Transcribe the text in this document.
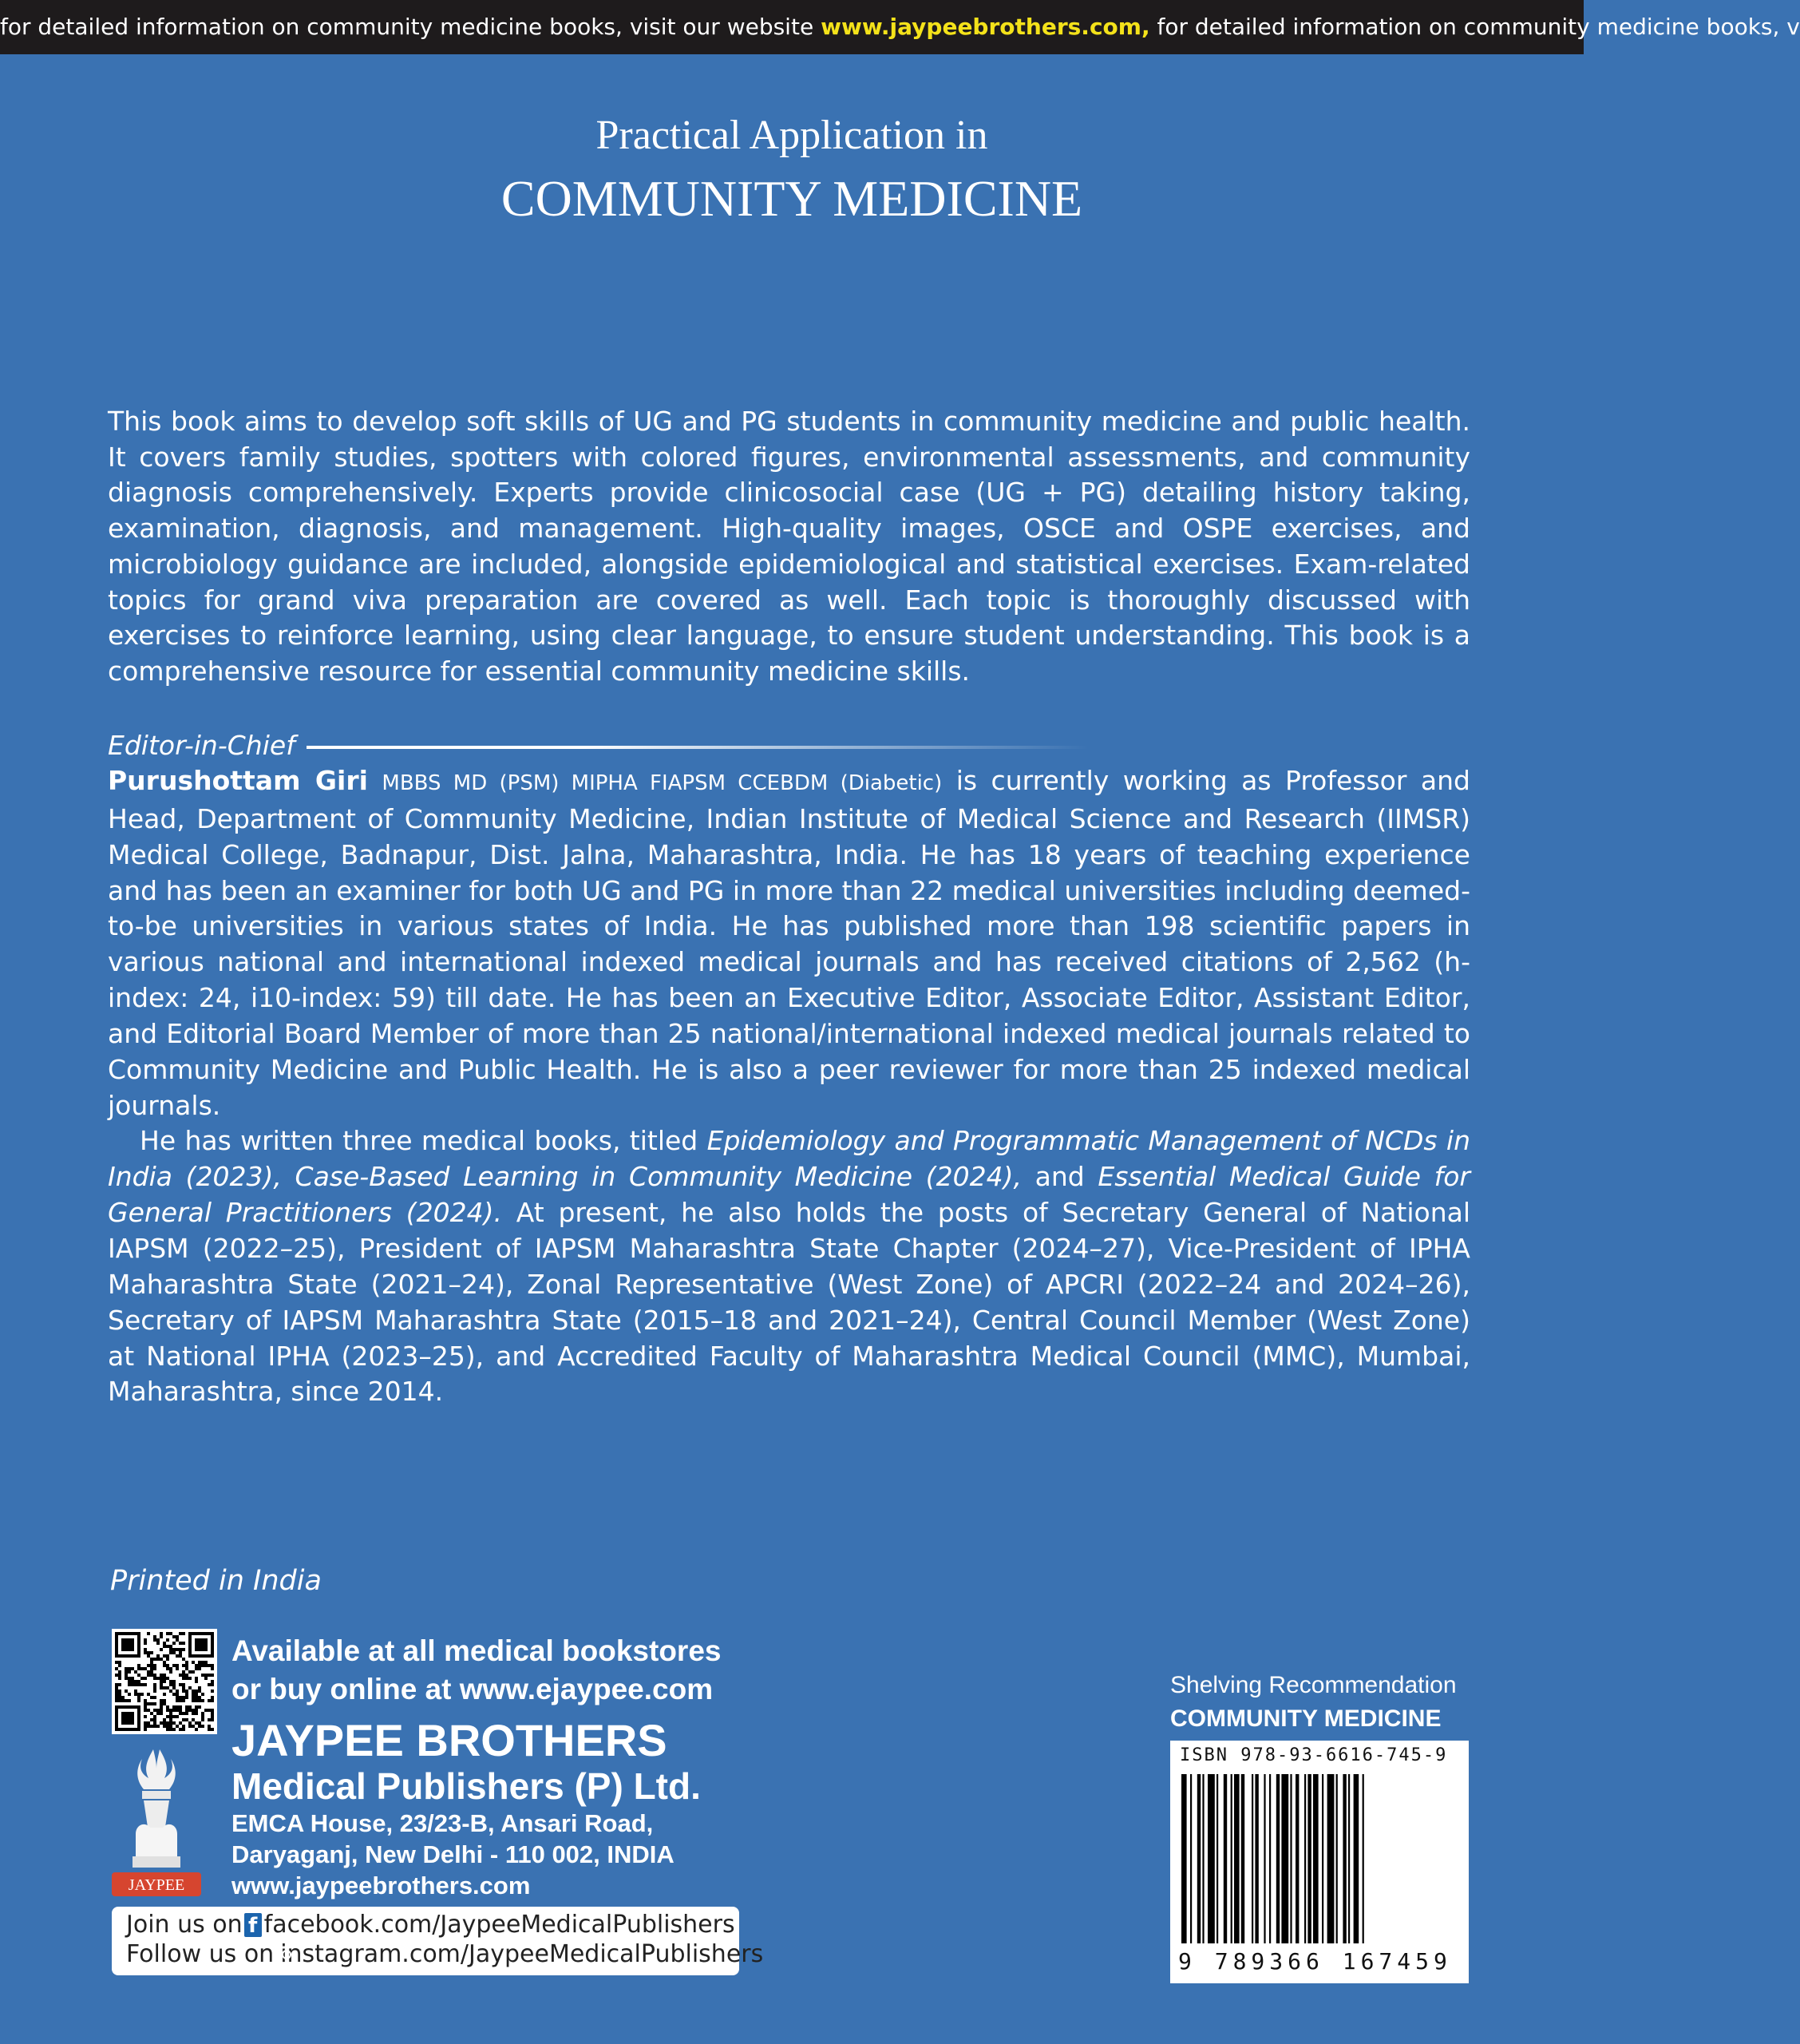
for detailed information on community medicine books, visit our website www.jaypeebrothers.com, for detailed information on community medicine books, v
Practical Application in
COMMUNITY MEDICINE
This book aims to develop soft skills of UG and PG students in community medicine and public health. It covers family studies, spotters with colored figures, environmental assessments, and community diagnosis comprehensively. Experts provide clinicosocial case (UG + PG) detailing history taking, examination, diagnosis, and management. High-quality images, OSCE and OSPE exercises, and microbiology guidance are included, alongside epidemiological and statistical exercises. Exam-related topics for grand viva preparation are covered as well. Each topic is thoroughly discussed with exercises to reinforce learning, using clear language, to ensure student understanding. This book is a comprehensive resource for essential community medicine skills.
Editor-in-Chief

Purushottam Giri MBBS MD (PSM) MIPHA FIAPSM CCEBDM (Diabetic) is currently working as Professor and Head, Department of Community Medicine, Indian Institute of Medical Science and Research (IIMSR) Medical College, Badnapur, Dist. Jalna, Maharashtra, India. He has 18 years of teaching experience and has been an examiner for both UG and PG in more than 22 medical universities including deemed-to-be universities in various states of India. He has published more than 198 scientific papers in various national and international indexed medical journals and has received citations of 2,562 (h-index: 24, i10-index: 59) till date. He has been an Executive Editor, Associate Editor, Assistant Editor, and Editorial Board Member of more than 25 national/international indexed medical journals related to Community Medicine and Public Health. He is also a peer reviewer for more than 25 indexed medical journals.

He has written three medical books, titled Epidemiology and Programmatic Management of NCDs in India (2023), Case-Based Learning in Community Medicine (2024), and Essential Medical Guide for General Practitioners (2024). At present, he also holds the posts of Secretary General of National IAPSM (2022–25), President of IAPSM Maharashtra State Chapter (2024–27), Vice-President of IPHA Maharashtra State (2021–24), Zonal Representative (West Zone) of APCRI (2022–24 and 2024–26), Secretary of IAPSM Maharashtra State (2015–18 and 2021–24), Central Council Member (West Zone) at National IPHA (2023–25), and Accredited Faculty of Maharashtra Medical Council (MMC), Mumbai, Maharashtra, since 2014.

Printed in India
Available at all medical bookstores
or buy online at www.ejaypee.com
JAYPEE
JAYPEE BROTHERS
Medical Publishers (P) Ltd.
EMCA House, 23/23-B, Ansari Road,
Daryaganj, New Delhi - 110 002, INDIA
www.jaypeebrothers.com
Join us on f facebook.com/JaypeeMedicalPublishers
Follow us on instagram.com/JaypeeMedicalPublishers
Shelving Recommendation
COMMUNITY MEDICINE
ISBN 978-93-6616-745-9
9 789366 167459
